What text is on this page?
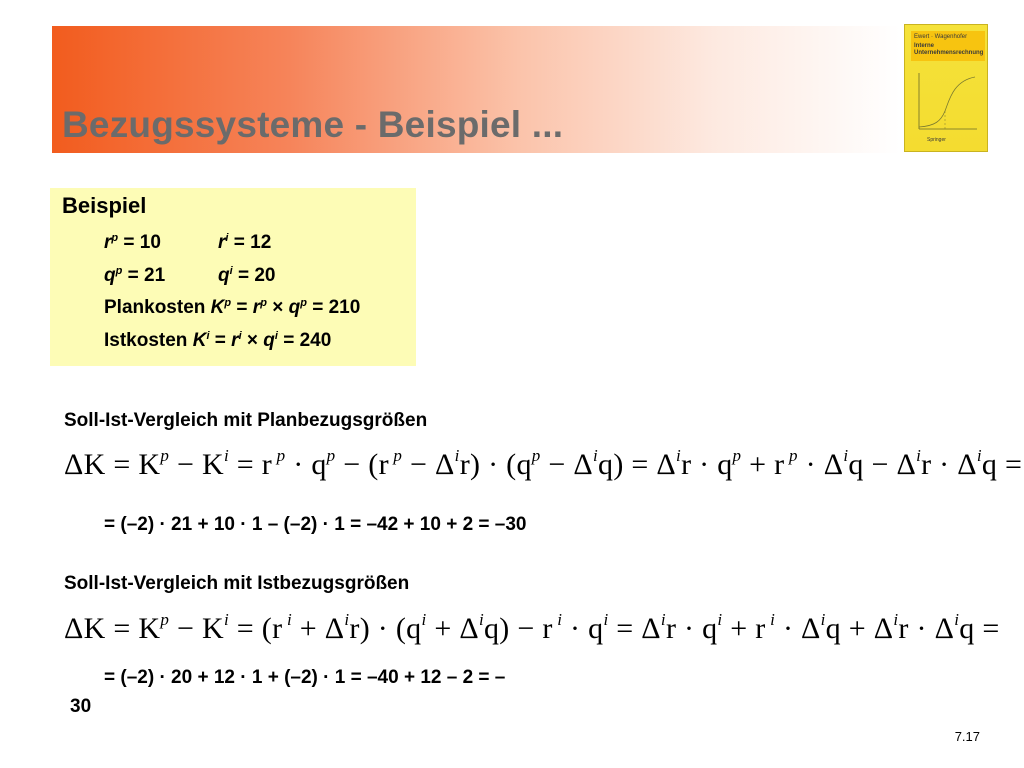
Bezugssysteme - Beispiel ...
Ewert · Wagenhofer
Interne
Unternehmensrechnung
Springer
Beispiel
$r^p = 10$	$r^i = 12$
$q^p = 21$	$q^i = 20$
Plankosten $K^p = r^p \times q^p = 210$
Istkosten $K^i = r^i \times q^i = 240$
Soll-Ist-Vergleich mit Planbezugsgrößen
$\Delta K = K^p - K^i = r$ $^p \cdot q^p - (r$ $^p - \Delta^ir) \cdot (q^p - \Delta^iq) = \Delta^ir \cdot q^p + r$ $^p \cdot \Delta^iq - \Delta^ir \cdot \Delta^iq$ =
= (–2) · 21 + 10 · 1 – (–2) · 1 = –42 + 10 + 2 = –30
Soll-Ist-Vergleich mit Istbezugsgrößen
$\Delta K = K^p - K^i = (r$ $^i + \Delta^ir) \cdot (q^i + \Delta^iq) - r$ $^i \cdot q^i = \Delta^ir \cdot q^i + r$ $^i \cdot \Delta^iq + \Delta^ir \cdot \Delta^iq$ =
= (–2) · 20 + 12 · 1 + (–2) · 1 = –40 + 12 – 2 = –
30
7.17
